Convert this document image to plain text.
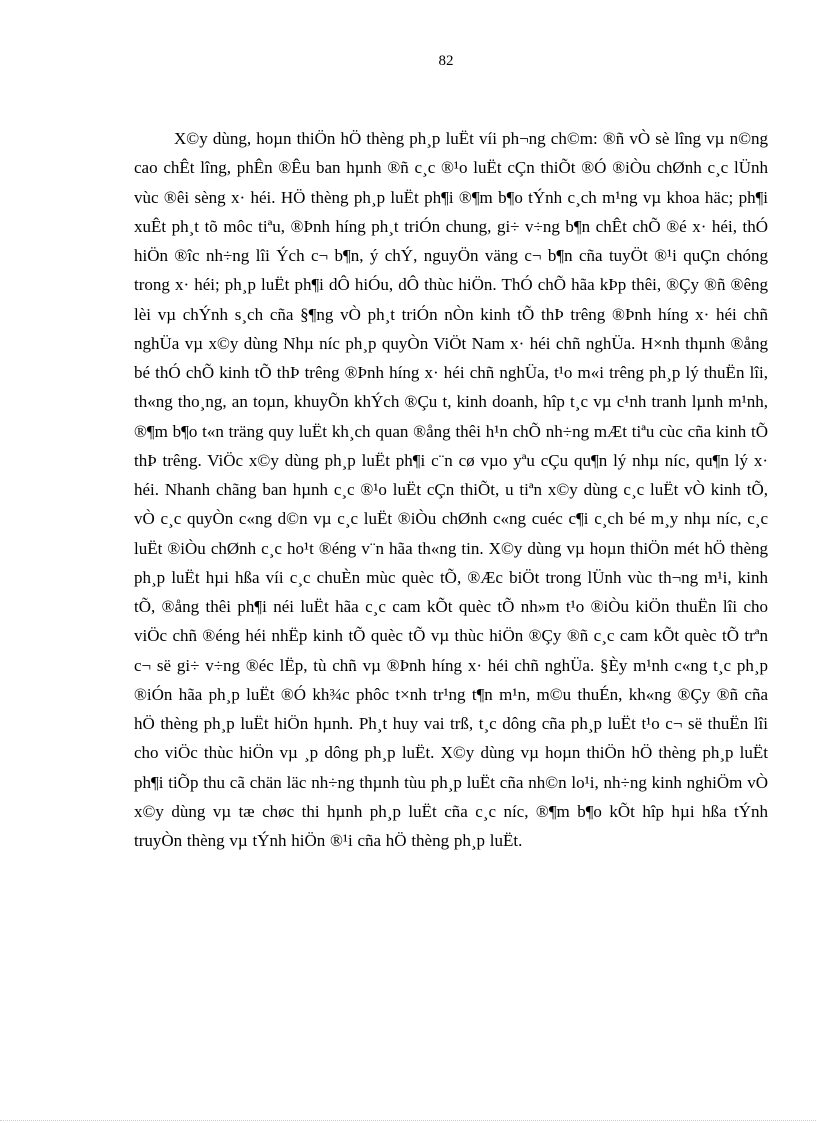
82

X©y dùng, hoµn thiÖn hÖ thèng ph¸p luËt víi ph¬ng ch©m: ®ñ vÒ sè lîng vµ n©ng cao chÊt lîng, phÊn ®Êu ban hµnh ®ñ c¸c ®¹o luËt cÇn thiÕt ®Ó ®iÒu chØnh c¸c lÜnh vùc ®êi sèng x· héi. HÖ thèng ph¸p luËt ph¶i ®¶m b¶o tÝnh c¸ch m¹ng vµ khoa häc; ph¶i xuÊt ph¸t tõ môc tiªu, ®Þnh híng ph¸t triÓn chung, gi÷ v÷ng b¶n chÊt chÕ ®é x· héi, thÓ hiÖn ®îc nh÷ng lîi Ých c¬ b¶n, ý chÝ, nguyÖn väng c¬ b¶n cña tuyÖt ®¹i quÇn chóng trong x· héi; ph¸p luËt ph¶i dÔ hiÓu, dÔ thùc hiÖn. ThÓ chÕ hãa kÞp thêi, ®Çy ®ñ ®êng lèi vµ chÝnh s¸ch cña §¶ng vÒ ph¸t triÓn nÒn kinh tÕ thÞ trêng ®Þnh híng x· héi chñ nghÜa vµ x©y dùng Nhµ níc ph¸p quyÒn ViÖt Nam x· héi chñ nghÜa. H×nh thµnh ®ång bé thÓ chÕ kinh tÕ thÞ trêng ®Þnh híng x· héi chñ nghÜa, t¹o m«i trêng ph¸p lý thuËn lîi, th«ng tho¸ng, an toµn, khuyÕn khÝch ®Çu t, kinh doanh, hîp t¸c vµ c¹nh tranh lµnh m¹nh, ®¶m b¶o t«n träng quy luËt kh¸ch quan ®ång thêi h¹n chÕ nh÷ng mÆt tiªu cùc cña kinh tÕ thÞ trêng. ViÖc x©y dùng ph¸p luËt ph¶i c¨n cø vµo yªu cÇu qu¶n lý nhµ níc, qu¶n lý x· héi. Nhanh chãng ban hµnh c¸c ®¹o luËt cÇn thiÕt, u tiªn x©y dùng c¸c luËt vÒ kinh tÕ, vÒ c¸c quyÒn c«ng d©n vµ c¸c luËt ®iÒu chØnh c«ng cuéc c¶i c¸ch bé m¸y nhµ níc, c¸c luËt ®iÒu chØnh c¸c ho¹t ®éng v¨n hãa th«ng tin. X©y dùng vµ hoµn thiÖn mét hÖ thèng ph¸p luËt hµi hßa víi c¸c chuÈn mùc quèc tÕ, ®Æc biÖt trong lÜnh vùc th¬ng m¹i, kinh tÕ, ®ång thêi ph¶i néi luËt hãa c¸c cam kÕt quèc tÕ nh»m t¹o ®iÒu kiÖn thuËn lîi cho viÖc chñ ®éng héi nhËp kinh tÕ quèc tÕ vµ thùc hiÖn ®Çy ®ñ c¸c cam kÕt quèc tÕ trªn c¬ së gi÷ v÷ng ®éc lËp, tù chñ vµ ®Þnh híng x· héi chñ nghÜa. §Èy m¹nh c«ng t¸c ph¸p ®iÓn hãa ph¸p luËt ®Ó kh¾c phôc t×nh tr¹ng t¶n m¹n, m©u thuÉn, kh«ng ®Çy ®ñ cña hÖ thèng ph¸p luËt hiÖn hµnh. Ph¸t huy vai trß, t¸c dông cña ph¸p luËt t¹o c¬ së thuËn lîi cho viÖc thùc hiÖn vµ ¸p dông ph¸p luËt. X©y dùng vµ hoµn thiÖn hÖ thèng ph¸p luËt ph¶i tiÕp thu cã chän läc nh÷ng thµnh tùu ph¸p luËt cña nh©n lo¹i, nh÷ng kinh nghiÖm vÒ x©y dùng vµ tæ chøc thi hµnh ph¸p luËt cña c¸c níc, ®¶m b¶o kÕt hîp hµi hßa tÝnh truyÒn thèng vµ tÝnh hiÖn ®¹i cña hÖ thèng ph¸p luËt.
